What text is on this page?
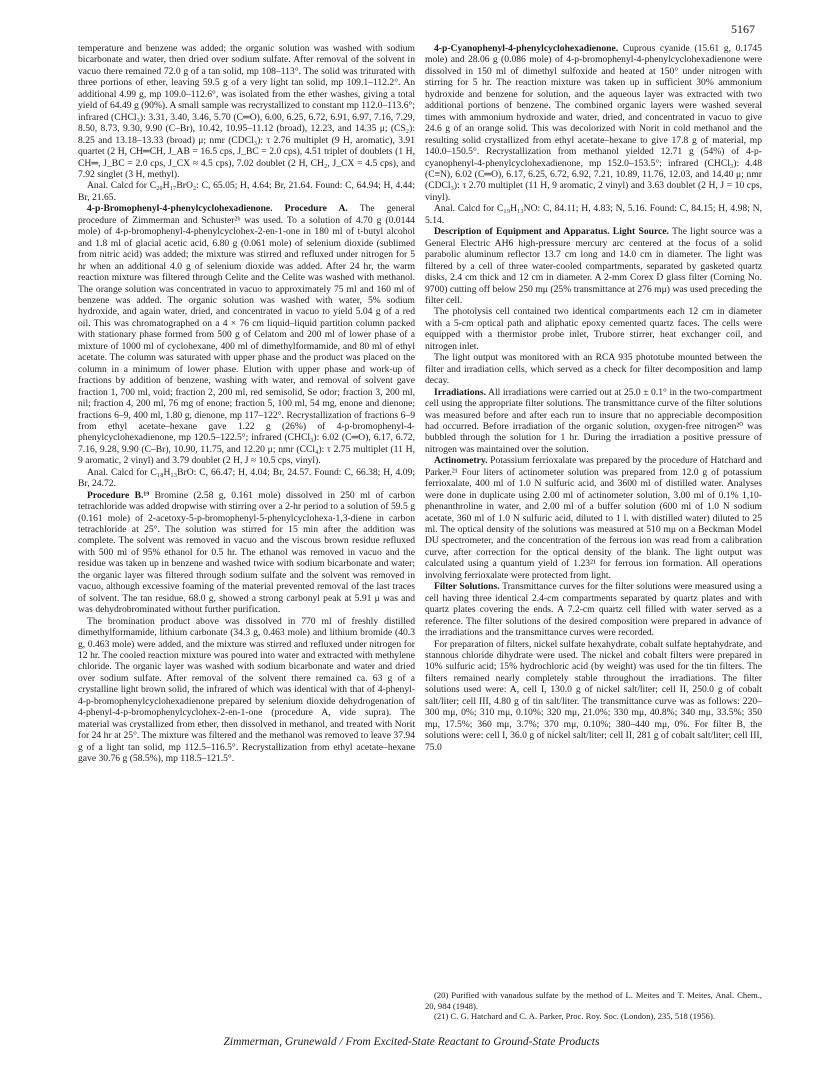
5167

temperature and benzene was added; the organic solution was washed with sodium bicarbonate and water, then dried over sodium sulfate. After removal of the solvent in vacuo there remained 72.0 g of a tan solid, mp 108–113°. The solid was triturated with three portions of ether, leaving 59.5 g of a very light tan solid, mp 109.1–112.2°. An additional 4.99 g, mp 109.0–112.6°, was isolated from the ether washes, giving a total yield of 64.49 g (90%). A small sample was recrystallized to constant mp 112.0–113.6°; infrared (CHCl₃): 3.31, 3.40, 3.46, 5.70 (C═O), 6.00, 6.25, 6.72, 6.91, 6.97, 7.16, 7.29, 8.50, 8.73, 9.30, 9.90 (C–Br), 10.42, 10.95–11.12 (broad), 12.23, and 14.35 μ; (CS₂): 8.25 and 13.18–13.33 (broad) μ; nmr (CDCl₃): τ 2.76 multiplet (9 H, aromatic), 3.91 quartet (2 H, CH═CH, J_AB = 16.5 cps, J_BC = 2.0 cps), 4.51 triplet of doublets (1 H, CH═, J_BC = 2.0 cps, J_CX ≈ 4.5 cps), 7.02 doublet (2 H, CH₂, J_CX = 4.5 cps), and 7.92 singlet (3 H, methyl).

Anal. Calcd for C₂₀H₁₇BrO₂: C, 65.05; H, 4.64; Br, 21.64. Found: C, 64.94; H, 4.44; Br, 21.65.

4-p-Bromophenyl-4-phenylcyclohexadienone. Procedure A. The general procedure of Zimmerman and Schuster²ᵇ was used. To a solution of 4.70 g (0.0144 mole) of 4-p-bromophenyl-4-phenylcyclohex-2-en-1-one in 180 ml of t-butyl alcohol and 1.8 ml of glacial acetic acid, 6.80 g (0.061 mole) of selenium dioxide (sublimed from nitric acid) was added; the mixture was stirred and refluxed under nitrogen for 5 hr when an additional 4.0 g of selenium dioxide was added. After 24 hr, the warm reaction mixture was filtered through Celite and the Celite was washed with methanol. The orange solution was concentrated in vacuo to approximately 75 ml and 160 ml of benzene was added. The organic solution was washed with water, 5% sodium hydroxide, and again water, dried, and concentrated in vacuo to yield 5.04 g of a red oil. This was chromatographed on a 4 × 76 cm liquid–liquid partition column packed with stationary phase formed from 500 g of Celatom and 200 ml of lower phase of a mixture of 1000 ml of cyclohexane, 400 ml of dimethylformamide, and 80 ml of ethyl acetate. The column was saturated with upper phase and the product was placed on the column in a minimum of lower phase. Elution with upper phase and work-up of fractions by addition of benzene, washing with water, and removal of solvent gave fraction 1, 700 ml, void; fraction 2, 200 ml, red semisolid, Se odor; fraction 3, 200 ml, nil; fraction 4, 200 ml, 76 mg of enone; fraction 5, 100 ml, 54 mg, enone and dienone; fractions 6–9, 400 ml, 1.80 g, dienone, mp 117–122°. Recrystallization of fractions 6–9 from ethyl acetate–hexane gave 1.22 g (26%) of 4-p-bromophenyl-4-phenylcyclohexadienone, mp 120.5–122.5°; infrared (CHCl₃): 6.02 (C═O), 6.17, 6.72, 7.16, 9.28, 9.90 (C–Br), 10.90, 11.75, and 12.20 μ; nmr (CCl₄): τ 2.75 multiplet (11 H, 9 aromatic, 2 vinyl) and 3.79 doublet (2 H, J ≈ 10.5 cps, vinyl).

Anal. Calcd for C₁₈H₁₃BrO: C, 66.47; H, 4.04; Br, 24.57. Found: C, 66.38; H, 4.09; Br, 24.72.

Procedure B.¹⁹ Bromine (2.58 g, 0.161 mole) dissolved in 250 ml of carbon tetrachloride was added dropwise with stirring over a 2-hr period to a solution of 59.5 g (0.161 mole) of 2-acetoxy-5-p-bromophenyl-5-phenylcyclohexa-1,3-diene in carbon tetrachloride at 25°. The solution was stirred for 15 min after the addition was complete. The solvent was removed in vacuo and the viscous brown residue refluxed with 500 ml of 95% ethanol for 0.5 hr. The ethanol was removed in vacuo and the residue was taken up in benzene and washed twice with sodium bicarbonate and water; the organic layer was filtered through sodium sulfate and the solvent was removed in vacuo, although excessive foaming of the material prevented removal of the last traces of solvent. The tan residue, 68.0 g, showed a strong carbonyl peak at 5.91 μ was and was dehydrobrominated without further purification.

The bromination product above was dissolved in 770 ml of freshly distilled dimethylformamide, lithium carbonate (34.3 g, 0.463 mole) and lithium bromide (40.3 g, 0.463 mole) were added, and the mixture was stirred and refluxed under nitrogen for 12 hr. The cooled reaction mixture was poured into water and extracted with methylene chloride. The organic layer was washed with sodium bicarbonate and water and dried over sodium sulfate. After removal of the solvent there remained ca. 63 g of a crystalline light brown solid, the infrared of which was identical with that of 4-phenyl-4-p-bromophenylcyclohexadienone prepared by selenium dioxide dehydrogenation of 4-phenyl-4-p-bromophenylcyclohex-2-en-1-one (procedure A, vide supra). The material was crystallized from ether, then dissolved in methanol, and treated with Norit for 24 hr at 25°. The mixture was filtered and the methanol was removed to leave 37.94 g of a light tan solid, mp 112.5–116.5°. Recrystallization from ethyl acetate–hexane gave 30.76 g (58.5%), mp 118.5–121.5°.

4-p-Cyanophenyl-4-phenylcyclohexadienone. Cuprous cyanide (15.61 g, 0.1745 mole) and 28.06 g (0.086 mole) of 4-p-bromophenyl-4-phenylcyclohexadienone were dissolved in 150 ml of dimethyl sulfoxide and heated at 150° under nitrogen with stirring for 5 hr. The reaction mixture was taken up in sufficient 30% ammonium hydroxide and benzene for solution, and the aqueous layer was extracted with two additional portions of benzene. The combined organic layers were washed several times with ammonium hydroxide and water, dried, and concentrated in vacuo to give 24.6 g of an orange solid. This was decolorized with Norit in cold methanol and the resulting solid crystallized from ethyl acetate–hexane to give 17.8 g of material, mp 140.0–150.5°. Recrystallization from methanol yielded 12.71 g (54%) of 4-p-cyanophenyl-4-phenylcyclohexadienone, mp 152.0–153.5°; infrared (CHCl₃): 4.48 (C≡N), 6.02 (C═O), 6.17, 6.25, 6.72, 6.92, 7.21, 10.89, 11.76, 12.03, and 14.40 μ; nmr (CDCl₃): τ 2.70 multiplet (11 H, 9 aromatic, 2 vinyl) and 3.63 doublet (2 H, J = 10 cps, vinyl).

Anal. Calcd for C₁₉H₁₃NO: C, 84.11; H, 4.83; N, 5.16. Found: C, 84.15; H, 4.98; N, 5.14.

Description of Equipment and Apparatus. Light Source. The light source was a General Electric AH6 high-pressure mercury arc centered at the focus of a solid parabolic aluminum reflector 13.7 cm long and 14.0 cm in diameter. The light was filtered by a cell of three water-cooled compartments, separated by gasketed quartz disks, 2.4 cm thick and 12 cm in diameter. A 2-mm Corex D glass filter (Corning No. 9700) cutting off below 250 mμ (25% transmittance at 276 mμ) was used preceding the filter cell.

The photolysis cell contained two identical compartments each 12 cm in diameter with a 5-cm optical path and aliphatic epoxy cemented quartz faces. The cells were equipped with a thermistor probe inlet, Trubore stirrer, heat exchanger coil, and nitrogen inlet.

The light output was monitored with an RCA 935 phototube mounted between the filter and irradiation cells, which served as a check for filter decomposition and lamp decay.

Irradiations. All irradiations were carried out at 25.0 ± 0.1° in the two-compartment cell using the appropriate filter solutions. The transmittance curve of the filter solutions was measured before and after each run to insure that no appreciable decomposition had occurred. Before irradiation of the organic solution, oxygen-free nitrogen²⁰ was bubbled through the solution for 1 hr. During the irradiation a positive pressure of nitrogen was maintained over the solution.

Actinometry. Potassium ferrioxalate was prepared by the procedure of Hatchard and Parker.²¹ Four liters of actinometer solution was prepared from 12.0 g of potassium ferrioxalate, 400 ml of 1.0 N sulfuric acid, and 3600 ml of distilled water. Analyses were done in duplicate using 2.00 ml of actinometer solution, 3.00 ml of 0.1% 1,10-phenanthroline in water, and 2.00 ml of a buffer solution (600 ml of 1.0 N sodium acetate, 360 ml of 1.0 N sulfuric acid, diluted to 1 l. with distilled water) diluted to 25 ml. The optical density of the solutions was measured at 510 mμ on a Beckman Model DU spectrometer, and the concentration of the ferrous ion was read from a calibration curve, after correction for the optical density of the blank. The light output was calculated using a quantum yield of 1.23²¹ for ferrous ion formation. All operations involving ferrioxalate were protected from light.

Filter Solutions. Transmittance curves for the filter solutions were measured using a cell having three identical 2.4-cm compartments separated by quartz plates and with quartz plates covering the ends. A 7.2-cm quartz cell filled with water served as a reference. The filter solutions of the desired composition were prepared in advance of the irradiations and the transmittance curves were recorded.

For preparation of filters, nickel sulfate hexahydrate, cobalt sulfate heptahydrate, and stannous chloride dihydrate were used. The nickel and cobalt filters were prepared in 10% sulfuric acid; 15% hydrochloric acid (by weight) was used for the tin filters. The filters remained nearly completely stable throughout the irradiations. The filter solutions used were: A, cell I, 130.0 g of nickel salt/liter; cell II, 250.0 g of cobalt salt/liter; cell III, 4.80 g of tin salt/liter. The transmittance curve was as follows: 220–300 mμ, 0%; 310 mμ, 0.10%; 320 mμ, 21.0%; 330 mμ, 40.8%; 340 mμ, 33.5%; 350 mμ, 17.5%; 360 mμ, 3.7%; 370 mμ, 0.10%; 380–440 mμ, 0%. For filter B, the solutions were: cell I, 36.0 g of nickel salt/liter; cell II, 281 g of cobalt salt/liter; cell III, 75.0

(20) Purified with vanadous sulfate by the method of L. Meites and T. Meites, Anal. Chem., 20, 984 (1948).
(21) C. G. Hatchard and C. A. Parker, Proc. Roy. Soc. (London), 235, 518 (1956).
Zimmerman, Grunewald / From Excited-State Reactant to Ground-State Products
